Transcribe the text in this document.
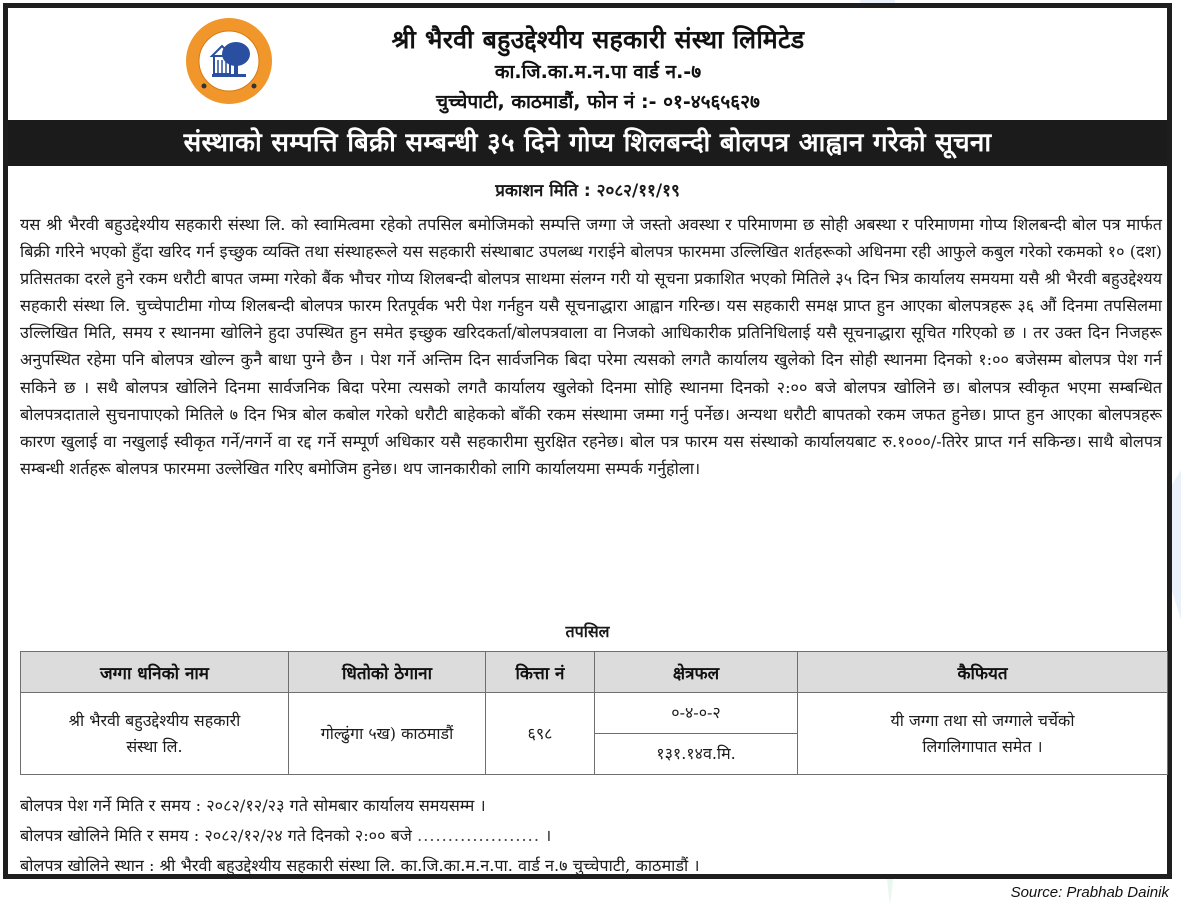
श्री भैरवी बहुउद्देश्यीय सहकारी संस्था लिमिटेड
का.जि.का.म.न.पा वार्ड न.-७
चुच्चेपाटी, काठमाडौं, फोन नं :- ०१-४५६५६२७
संस्थाको सम्पत्ति बिक्री सम्बन्धी ३५ दिने गोप्य शिलबन्दी बोलपत्र आह्वान गरेको सूचना
प्रकाशन मिति : २०८२/११/१९

यस श्री भैरवी बहुउद्देश्यीय सहकारी संस्था लि. को स्वामित्वमा रहेको तपसिल बमोजिमको सम्पत्ति जग्गा जे जस्तो अवस्था र परिमाणमा छ सोही अबस्था र परिमाणमा गोप्य शिलबन्दी बोल पत्र मार्फत बिक्री गरिने भएको हुँदा खरिद गर्न इच्छुक व्यक्ति तथा संस्थाहरूले यस सहकारी संस्थाबाट उपलब्ध गराईने बोलपत्र फारममा उल्लिखित शर्तहरूको अधिनमा रही आफुले कबुल गरेको रकमको १० (दश) प्रतिसतका दरले हुने रकम धरौटी बापत जम्मा गरेको बैंक भौचर गोप्य शिलबन्दी बोलपत्र साथमा संलग्न गरी यो सूचना प्रकाशित भएको मितिले ३५ दिन भित्र कार्यालय समयमा यसै श्री भैरवी बहुउद्देश्यय सहकारी संस्था लि. चुच्चेपाटीमा गोप्य शिलबन्दी बोलपत्र फारम रितपूर्वक भरी पेश गर्नहुन यसै सूचनाद्धारा आह्वान गरिन्छ। यस सहकारी समक्ष प्राप्त हुन आएका बोलपत्रहरू ३६ औं दिनमा तपसिलमा उल्लिखित मिति, समय र स्थानमा खोलिने हुदा उपस्थित हुन समेत इच्छुक खरिदकर्ता/बोलपत्रवाला वा निजको आधिकारीक प्रतिनिधिलाई यसै सूचनाद्धारा सूचित गरिएको छ । तर उक्त दिन निजहरू अनुपस्थित रहेमा पनि बोलपत्र खोल्न कुनै बाधा पुग्ने छैन । पेश गर्ने अन्तिम दिन सार्वजनिक बिदा परेमा त्यसको लगतै कार्यालय खुलेको दिन सोही स्थानमा दिनको १:०० बजेसम्म बोलपत्र पेश गर्न सकिने छ । सथै बोलपत्र खोलिने दिनमा सार्वजनिक बिदा परेमा त्यसको लगतै कार्यालय खुलेको दिनमा सोहि स्थानमा दिनको २:०० बजे बोलपत्र खोलिने छ। बोलपत्र स्वीकृत भएमा सम्बन्धित बोलपत्रदाताले सुचनापाएको मितिले ७ दिन भित्र बोल कबोल गरेको धरौटी बाहेकको बाँकी रकम संस्थामा जम्मा गर्नु पर्नेछ। अन्यथा धरौटी बापतको रकम जफत हुनेछ। प्राप्त हुन आएका बोलपत्रहरू कारण खुलाई वा नखुलाई स्वीकृत गर्ने/नगर्ने वा रद्द गर्ने सम्पूर्ण अधिकार यसै सहकारीमा सुरक्षित रहनेछ। बोल पत्र फारम यस संस्थाको कार्यालयबाट रु.१०००/-तिरेर प्राप्त गर्न सकिन्छ। साथै बोलपत्र सम्बन्धी शर्तहरू बोलपत्र फारममा उल्लेखित गरिए बमोजिम हुनेछ। थप जानकारीको लागि कार्यालयमा सम्पर्क गर्नुहोला।

तपसिल
जग्गा धनिको नाम	धितोको ठेगाना	कित्ता नं	क्षेत्रफल	कैफियत
श्री भैरवी बहुउद्देश्यीय सहकारी संस्था लि.	गोल्ढुंगा ५ख) काठमाडौं	६९८	०-४-०-२	यी जग्गा तथा सो जग्गाले चर्चेको लिगलिगापात समेत ।
			१३१.१४व.मि.	
बोलपत्र पेश गर्ने मिति र समय : २०८२/१२/२३ गते सोमबार कार्यालय समयसम्म ।
बोलपत्र खोलिने मिति र समय : २०८२/१२/२४ गते दिनको २:०० बजे .................... ।
बोलपत्र खोलिने स्थान : श्री भैरवी बहुउद्देश्यीय सहकारी संस्था लि. का.जि.का.म.न.पा. वार्ड न.७ चुच्चेपाटी, काठमाडौं ।
Source: Prabhab Dainik
